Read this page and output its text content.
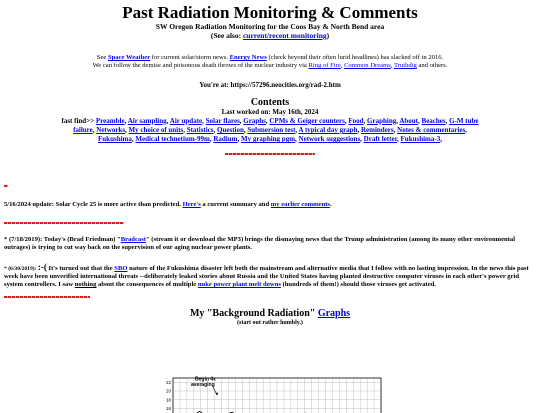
Past Radiation Monitoring & Comments
SW Oregon Radiation Monitoring for the Coos Bay & North Bend area
(See also: current/recent monitoring)
See Space Weather for current solar/storm news. Energy News (check beyond their often lurid headlines) has slacked off in 2016.
We can follow the demise and poisonous death throws of the nuclear industry via Ring of Fire, Common Dreams, Truthdig and others.
You're at: https://57296.neocities.org/rad-2.htm
Contents
Last worked on: May 16th, 2024
fast find>> Preamble, Air sampling, Air update, Solar flares, Graphs, CPMs & Geiger counters, Food, Graphing, About, Beaches, G-M tube failure, Networks, My choice of units, Statistics, Question, Submersion test, A typical day graph, Reminders, Notes & commentaries, Fukushima, Medical technetium-99m, Radium, My graphing pgm, Network suggestions, Draft letter, Fukushima-3,
5/16/2024 update: Solar Cycle 25 is more active than predicted. Here's a current summary and my earlier comments.
* (7/18/2019): Today's (Brad Friedman) "Bradcast" (stream it or download the MP3) brings the dismaying news that the Trump administration (among its many other environmental outrages) is trying to cut way back on the supervision of our aging nuclear power plants.
* (6/30/2019): :-( It's turned out that the SBO nature of the Fukushima disaster left both the mainstream and alternative media that I follow with no lasting impression. In the news this past week have been unverified international threats --deliberately leaked stories about Russia and the United States having planted destructive computer viruses in each other's power grid system controllers. I saw nothing about the consequences of multiple nuke power plant melt downs (hundreds of them!) should those viruses get activated.
My "Background Radiation" Graphs
(start out rather humbly.)
22
20
18
16
Begin 4x averaging
